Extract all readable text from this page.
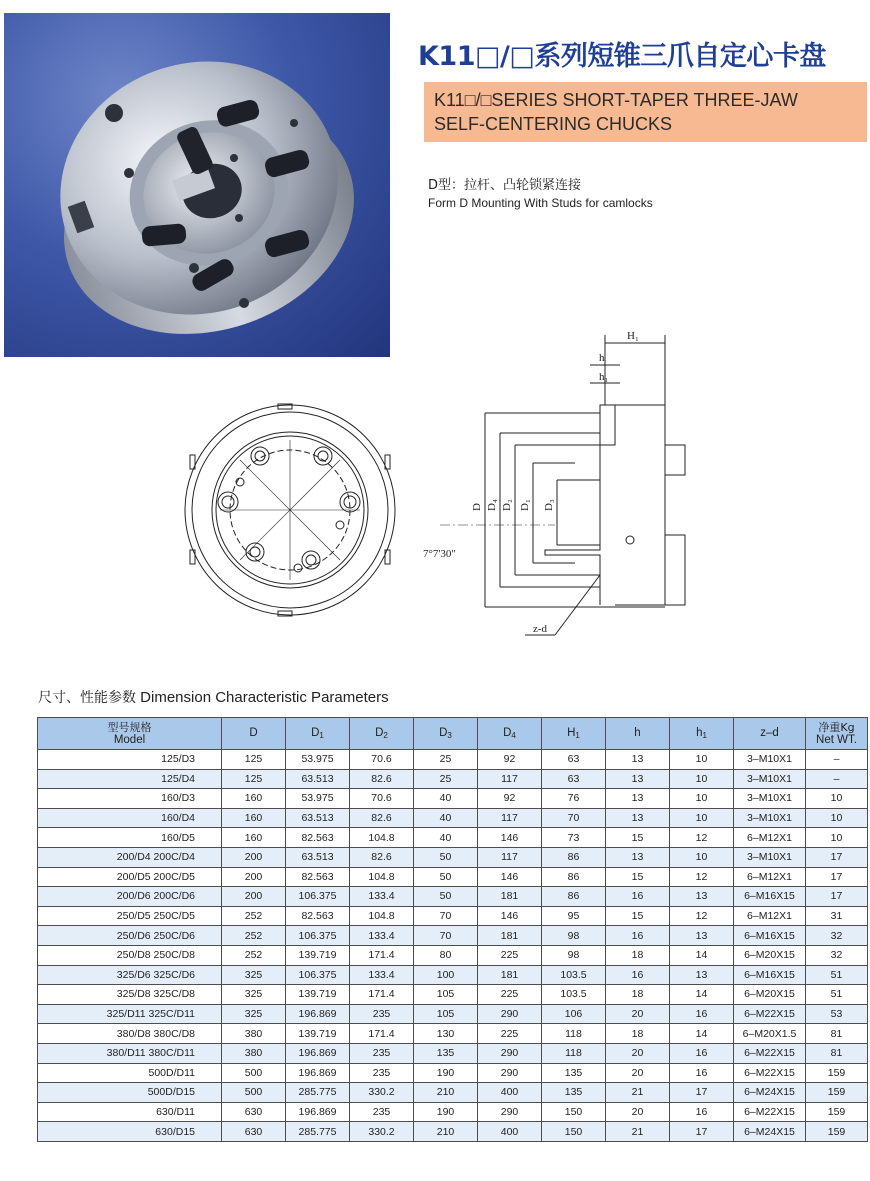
K11□/□系列短锥三爪自定心卡盘
K11□/□SERIES SHORT-TAPER THREE-JAW
SELF-CENTERING CHUCKS
D型：拉杆、凸轮锁紧连接
Form D Mounting With Studs for camlocks
H₁
h
h₁
D D₄ D₂ D₁ D₃
7°7'30"
z-d
尺寸、性能参数 Dimension Characteristic Parameters
型号规格
Model	D	D1	D2	D3	D4	H1	h	h1	z–d	净重Kg
Net WT.
125/D3	125	53.975	70.6	25	92	63	13	10	3–M10X1	–
125/D4	125	63.513	82.6	25	117	63	13	10	3–M10X1	–
160/D3	160	53.975	70.6	40	92	76	13	10	3–M10X1	10
160/D4	160	63.513	82.6	40	117	70	13	10	3–M10X1	10
160/D5	160	82.563	104.8	40	146	73	15	12	6–M12X1	10
200/D4 200C/D4	200	63.513	82.6	50	117	86	13	10	3–M10X1	17
200/D5 200C/D5	200	82.563	104.8	50	146	86	15	12	6–M12X1	17
200/D6 200C/D6	200	106.375	133.4	50	181	86	16	13	6–M16X15	17
250/D5 250C/D5	252	82.563	104.8	70	146	95	15	12	6–M12X1	31
250/D6 250C/D6	252	106.375	133.4	70	181	98	16	13	6–M16X15	32
250/D8 250C/D8	252	139.719	171.4	80	225	98	18	14	6–M20X15	32
325/D6 325C/D6	325	106.375	133.4	100	181	103.5	16	13	6–M16X15	51
325/D8 325C/D8	325	139.719	171.4	105	225	103.5	18	14	6–M20X15	51
325/D11 325C/D11	325	196.869	235	105	290	106	20	16	6–M22X15	53
380/D8 380C/D8	380	139.719	171.4	130	225	118	18	14	6–M20X1.5	81
380/D11 380C/D11	380	196.869	235	135	290	118	20	16	6–M22X15	81
500D/D11	500	196.869	235	190	290	135	20	16	6–M22X15	159
500D/D15	500	285.775	330.2	210	400	135	21	17	6–M24X15	159
630/D11	630	196.869	235	190	290	150	20	16	6–M22X15	159
630/D15	630	285.775	330.2	210	400	150	21	17	6–M24X15	159
